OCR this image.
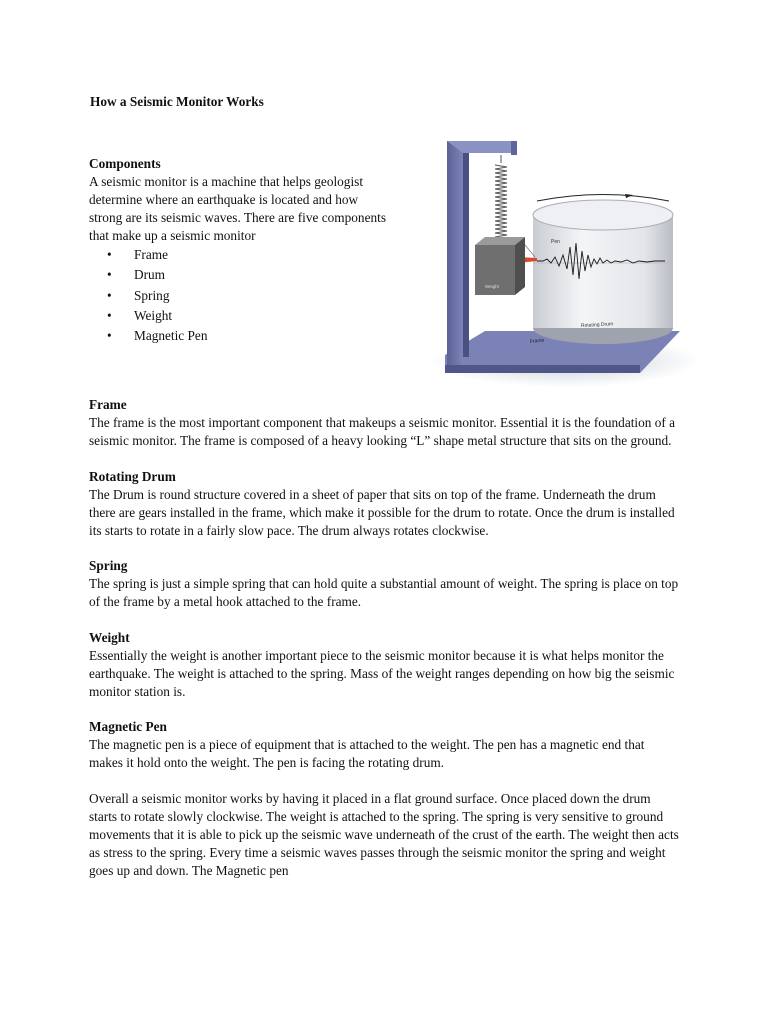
How a Seismic Monitor Works

Components

A seismic monitor is a machine that helps geologist determine where an earthquake is located and how strong are its seismic waves. There are five components that make up a seismic monitor

• Frame
• Drum
• Spring
• Weight
• Magnetic Pen
Pen
Weight
Rotating Drum
Frame

Frame

The frame is the most important component that makeups a seismic monitor. Essential it is the foundation of a seismic monitor. The frame is composed of a heavy looking “L” shape metal structure that sits on the ground.

Rotating Drum

The Drum is round structure covered in a sheet of paper that sits on top of the frame. Underneath the drum there are gears installed in the frame, which make it possible for the drum to rotate. Once the drum is installed its starts to rotate in a fairly slow pace. The drum always rotates clockwise.

Spring

The spring is just a simple spring that can hold quite a substantial amount of weight. The spring is place on top of the frame by a metal hook attached to the frame.

Weight

Essentially the weight is another important piece to the seismic monitor because it is what helps monitor the earthquake. The weight is attached to the spring. Mass of the weight ranges depending on how big the seismic monitor station is.

Magnetic Pen

The magnetic pen is a piece of equipment that is attached to the weight. The pen has a magnetic end that makes it hold onto the weight. The pen is facing the rotating drum.

Overall a seismic monitor works by having it placed in a flat ground surface. Once placed down the drum starts to rotate slowly clockwise. The weight is attached to the spring. The spring is very sensitive to ground movements that it is able to pick up the seismic wave underneath of the crust of the earth. The weight then acts as stress to the spring. Every time a seismic waves passes through the seismic monitor the spring and weight goes up and down. The Magnetic pen
